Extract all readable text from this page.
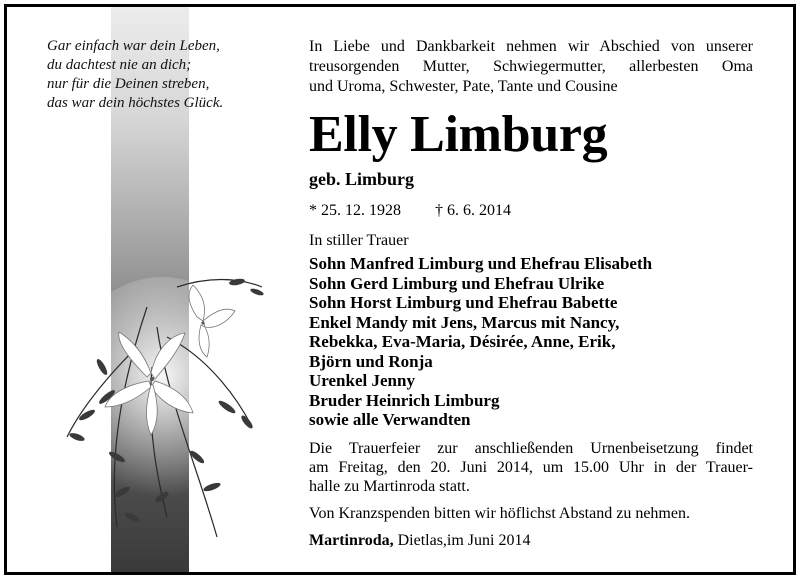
Gar einfach war dein Leben,
du dachtest nie an dich;
nur für die Deinen streben,
das war dein höchstes Glück.
In Liebe und Dankbarkeit nehmen wir Abschied von unserer
treusorgenden Mutter, Schwiegermutter, allerbesten Oma
und Uroma, Schwester, Pate, Tante und Cousine
Elly Limburg
geb. Limburg
* 25. 12. 1928 † 6. 6. 2014
In stiller Trauer
Sohn Manfred Limburg und Ehefrau Elisabeth
Sohn Gerd Limburg und Ehefrau Ulrike
Sohn Horst Limburg und Ehefrau Babette
Enkel Mandy mit Jens, Marcus mit Nancy,
Rebekka, Eva-Maria, Désirée, Anne, Erik,
Björn und Ronja
Urenkel Jenny
Bruder Heinrich Limburg
sowie alle Verwandten
Die Trauerfeier zur anschließenden Urnenbeisetzung findet
am Freitag, den 20. Juni 2014, um 15.00 Uhr in der Trauer-
halle zu Martinroda statt.
Von Kranzspenden bitten wir höflichst Abstand zu nehmen.
Martinroda, Dietlas,im Juni 2014
